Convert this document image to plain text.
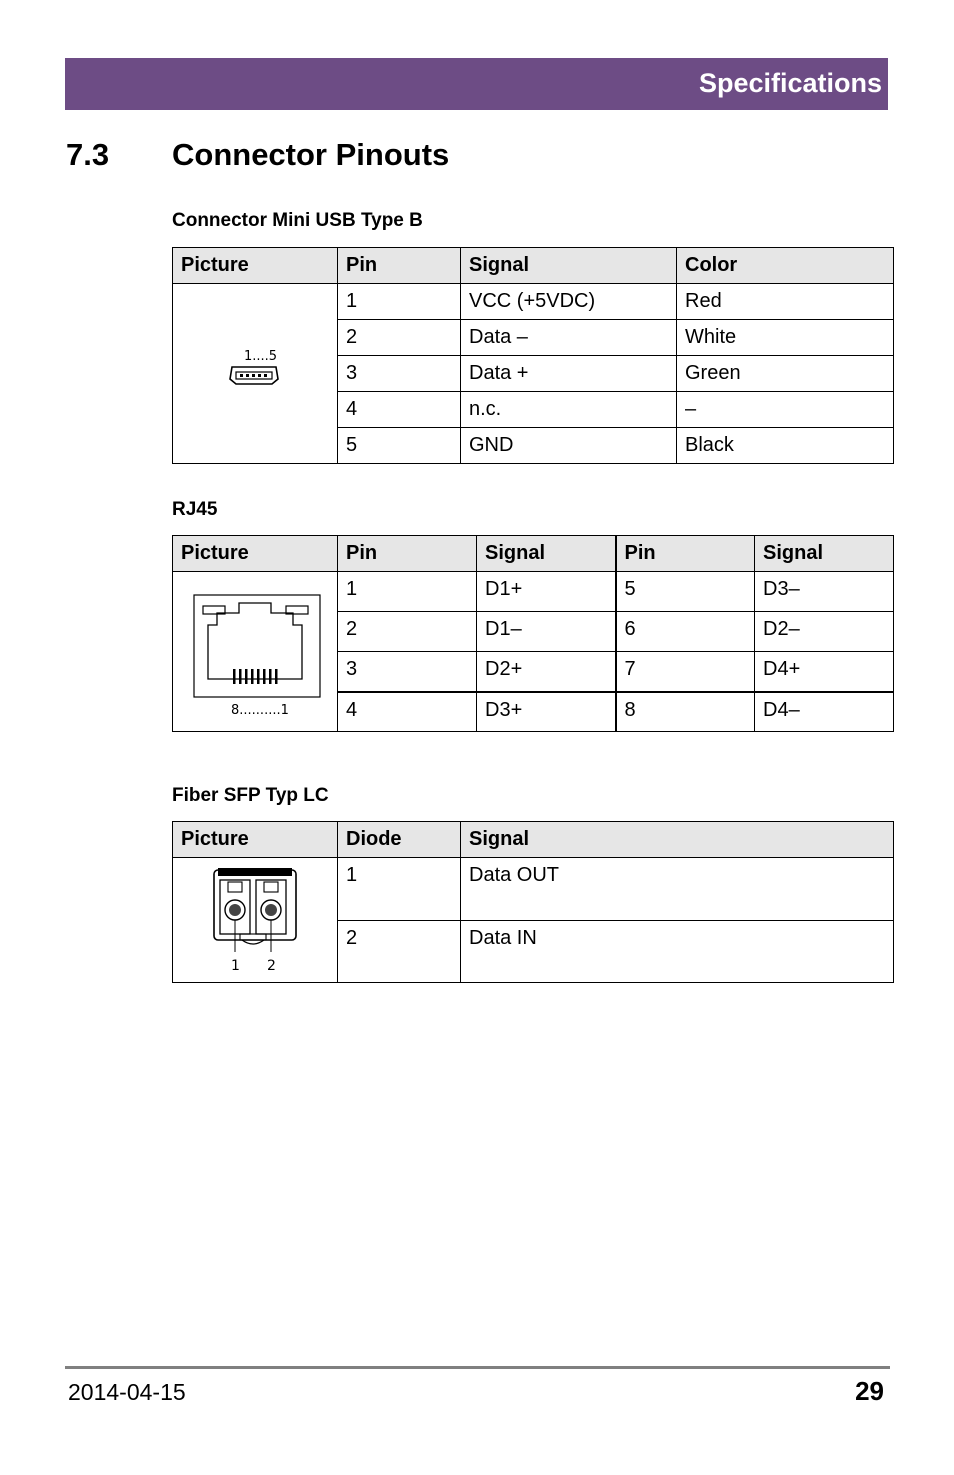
Specifications
7.3 Connector Pinouts
Connector Mini USB Type B
Picture	Pin	Signal	Color

1....5	1	VCC (+5VDC)	Red
	2	Data –	White
	3	Data +	Green
	4	n.c.	–
	5	GND	Black
RJ45
Picture	Pin	Signal	Pin	Signal

8..........1	1	D1+	5	D3–
	2	D1–	6	D2–
	3	D2+	7	D4+
	4	D3+	8	D4–
Fiber SFP Typ LC
Picture	Diode	Signal

1 2	1	Data OUT
	2	Data IN
2014-04-15	29
